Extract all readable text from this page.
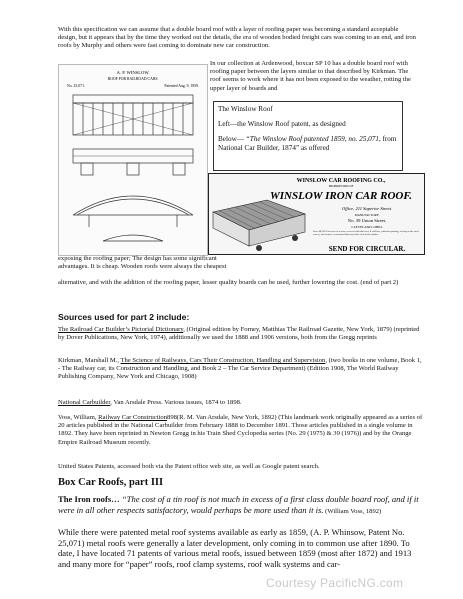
With this specification we can assume that a double board roof with a layer of roofing paper was becoming a standard acceptable design, but it appears that by the time they worked out the details, the era of wooden bodied freight cars was coming to an end, and iron roofs by Murphy and others were fast coming to dominate new car construction.

A. P. WINSLOW.
ROOF FOR RAILROAD CARS.
No. 25,071.	Patented Aug. 9, 1859.

In our collection at Ardenwood, boxcar SP 10 has a double board roof with roofing paper between the layers similar to that described by Kirkman. The roof seems to work where it has not been exposed to the weather, rotting the upper layer of boards and

The Winslow Roof

Left—the Winslow Roof patent, as designed

Below— “The Winslow Roof patented 1859, no. 25,071, from National Car Builder, 1874” as offered

WINSLOW CAR ROOFING CO.,
PROPRIETORS OF
WINSLOW IRON CAR ROOF.
Office, 211 Superior Street.
MANUFACTORY,
No. 39 Union Street,
CLEVELAND, OHIO.
Over 48,000 Cars now in service covered with this roof. It will last, without repairing, as long as the car it covers, and is more economical than any other roof in the market.
SEND FOR CIRCULAR.

exposing the roofing paper; The design has some significant advantages. It is cheap. Wooden roofs were always the cheapest

alternative, and with the addition of the roofing paper, lesser quality boards can be used, further lowering the cost. (end of part 2)

Sources used for part 2 include:

The Railroad Car Builder’s Pictorial Dictionary, (Original edition by Forney, Matthias The Railroad Gazette, New York, 1879) (reprinted by Dover Publications, New York, 1974), additionally we used the 1888 and 1906 versions, both from the Gregg reprints

Kirkman, Marshall M., The Science of Railways, Cars Their Construction, Handling and Supervision, (two books in one volume, Book 1, - The Railway car, its Construction and Handling, and Book 2 – The Car Service Department) (Edition 1908, The World Railway Publishing Company, New York and Chicago, 1908)

National Carbuilder, Van Arsdale Press. Various issues, 1874 to 1898.

Voss, William, Railway Car Construction898(R. M. Van Arsdale, New York, 1892) (This landmark work originally appeared as a series of 20 articles published in the National Carbuilder from February 1888 to December 1891. Those articles published in a single volume in 1892. They have been reprinted in Newton Gregg in his Train Shed Cyclopedia series (No. 29 (1975) & 39 (1976)) and by the Orange Empire Railroad Museum recently.

United States Patents, accessed both via the Patent office web site, as well as Google patent search.

Box Car Roofs, part III

The Iron roofs… “The cost of a tin roof is not much in excess of a first class double board roof, and if it were in all other respects satisfactory, would perhaps be more used than it is. (William Voss, 1892)

While there were patented metal roof systems available as early as 1859, (A. P. Whinsow, Patent No. 25,071) metal roofs were generally a later development, only coming in to common use after 1890. To date, I have located 71 patents of various metal roofs, issued between 1859 (most after 1872) and 1913 and many more for “paper” roofs, roof clamp systems, roof walk systems and car-

Courtesy PacificNG.com
